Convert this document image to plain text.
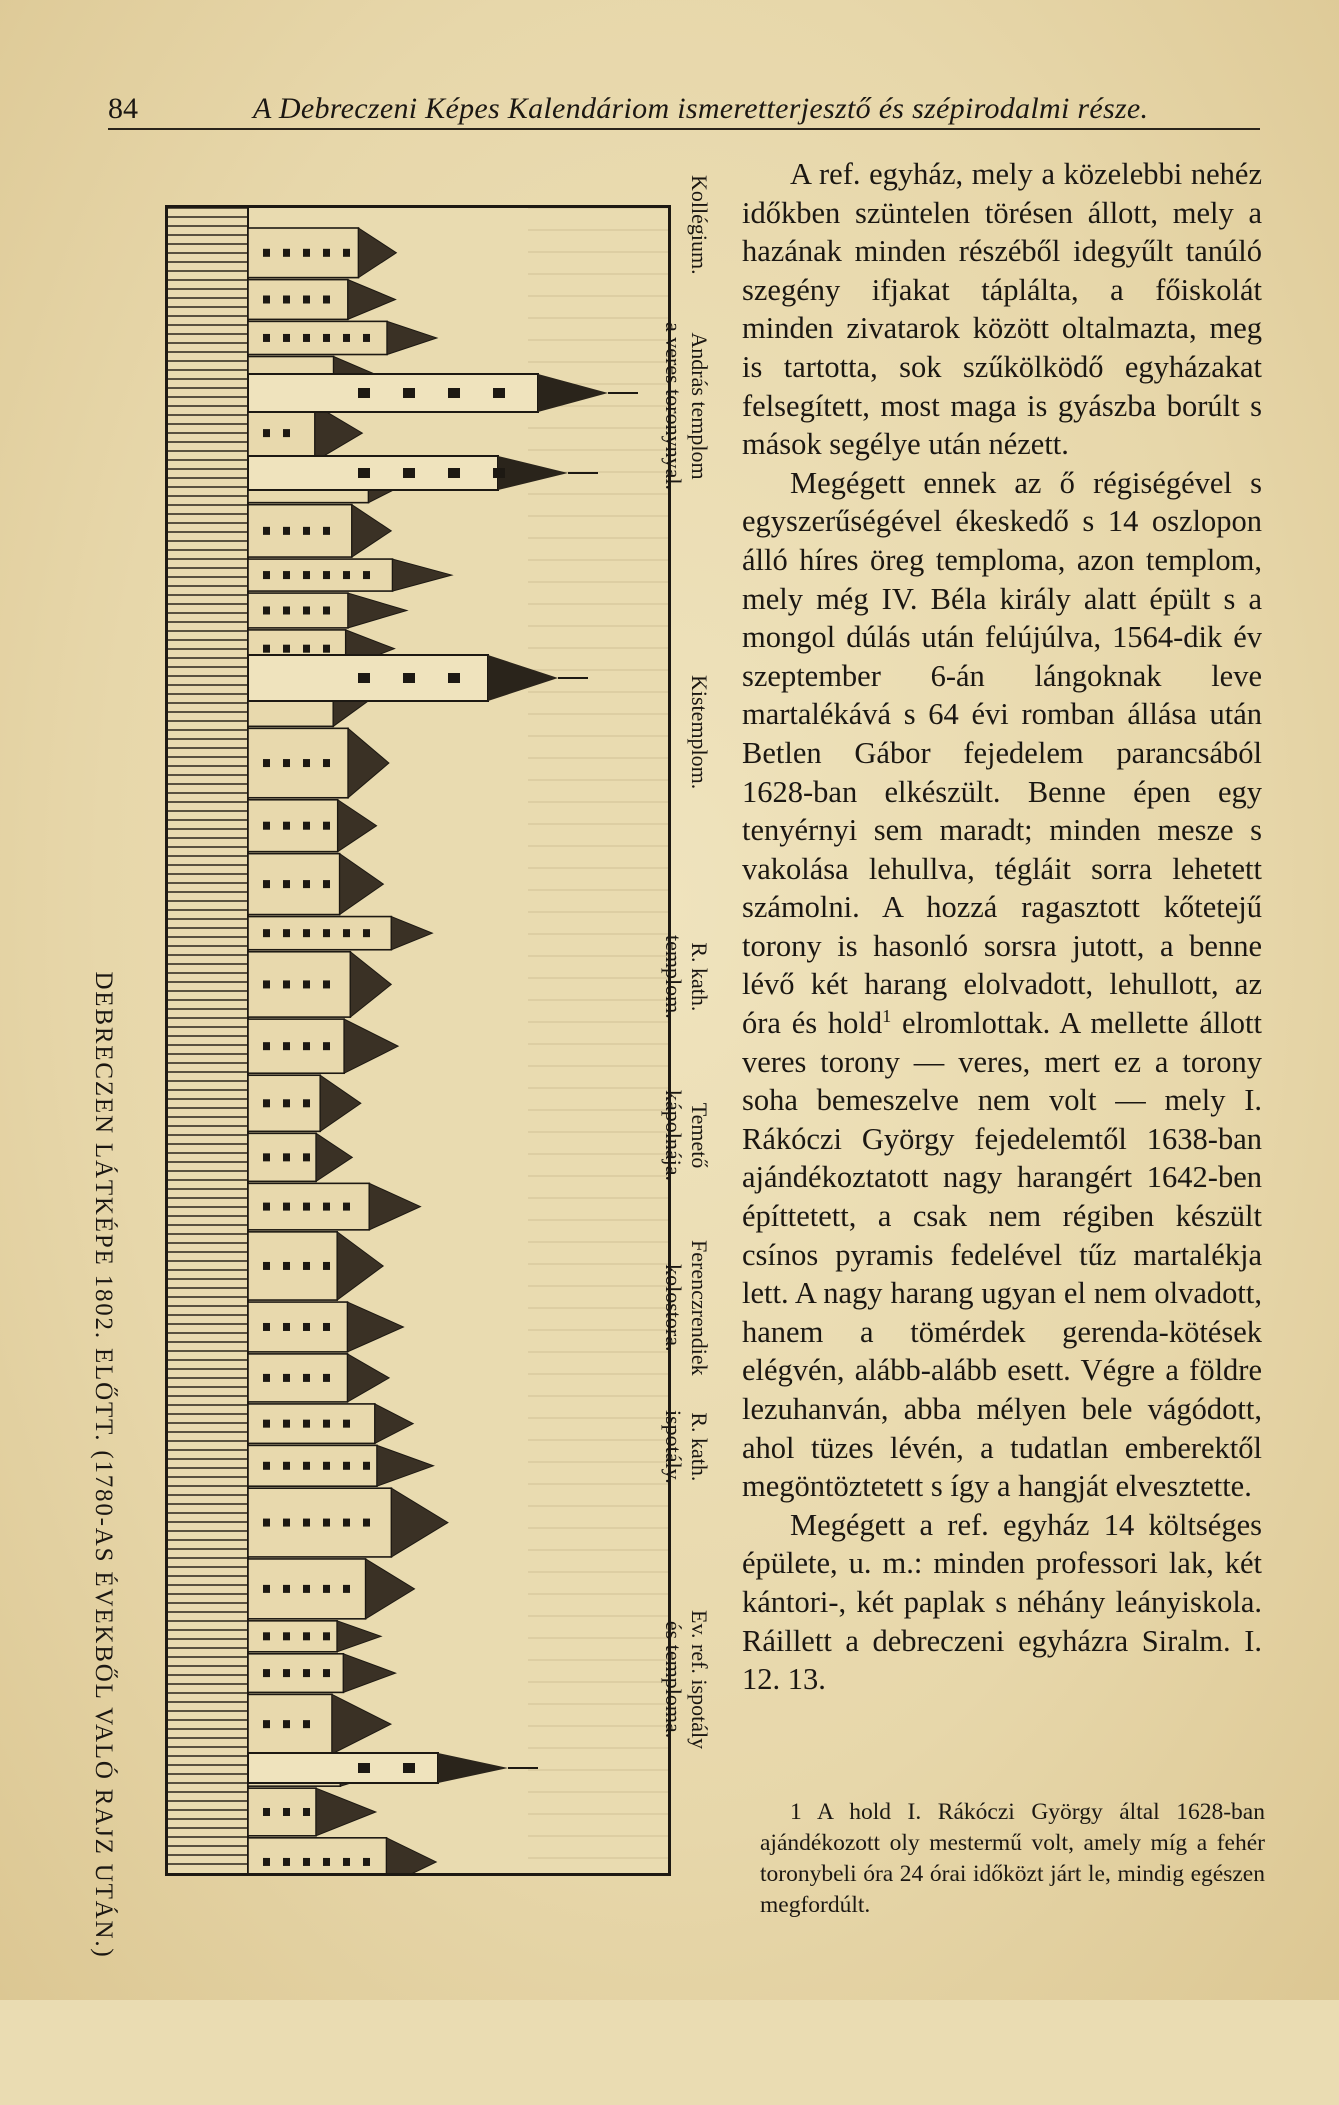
84	A Debreczeni Képes Kalendáriom ismeretterjesztő és szépirodalmi része.
DEBRECZEN LÁTKÉPE 1802. ELŐTT. (1780-AS ÉVEKBŐL VALÓ RAJZ UTÁN.)
Kollégium.
András templom
a veres toronynyal.
Kistemplom.
R. kath.
templom.
Temető
kápolnája.
Ferenczrendiek
kolostora.
R. kath.
ispotály.
Ev. ref. ispotály
és temploma.

A ref. egyház, mely a közelebbi nehéz időkben szüntelen törésen állott, mely a hazának minden részéből idegyűlt tanúló szegény ifjakat táplálta, a főiskolát minden zivatarok között oltalmazta, meg is tartotta, sok szűkölködő egyházakat felsegített, most maga is gyászba borúlt s mások segélye után nézett.

Megégett ennek az ő régiségével s egyszerűségével ékeskedő s 14 oszlopon álló híres öreg temploma, azon templom, mely még IV. Béla király alatt épült s a mongol dúlás után felújúlva, 1564-dik év szeptember 6-án lángoknak leve martalékává s 64 évi romban állása után Betlen Gábor fejedelem parancsából 1628-ban elkészült. Benne épen egy tenyérnyi sem maradt; minden mesze s vakolása lehullva, tégláit sorra lehetett számolni. A hozzá ragasztott kőtetejű torony is hasonló sorsra jutott, a benne lévő két harang elolvadott, lehullott, az óra és hold$^1$ elromlottak. A mellette állott veres torony — veres, mert ez a torony soha bemeszelve nem volt — mely I. Rákóczi György fejedelemtől 1638-ban ajándékoztatott nagy harangért 1642-ben építtetett, a csak nem régiben készült csínos pyramis fedelével tűz martalékja lett. A nagy harang ugyan el nem olvadott, hanem a tömérdek gerenda-kötések elégvén, alább-alább esett. Végre a földre lezuhanván, abba mélyen bele vágódott, ahol tüzes lévén, a tudatlan emberektől megöntöztetett s így a hangját elvesztette.

Megégett a ref. egyház 14 költséges épülete, u. m.: minden professori lak, két kántori-, két paplak s néhány leányiskola. Ráillett a debreczeni egyházra Siralm. I. 12. 13.

1 A hold I. Rákóczi György által 1628-ban ajándékozott oly mestermű volt, amely míg a fehér toronybeli óra 24 órai időközt járt le, mindig egészen megfordúlt.
